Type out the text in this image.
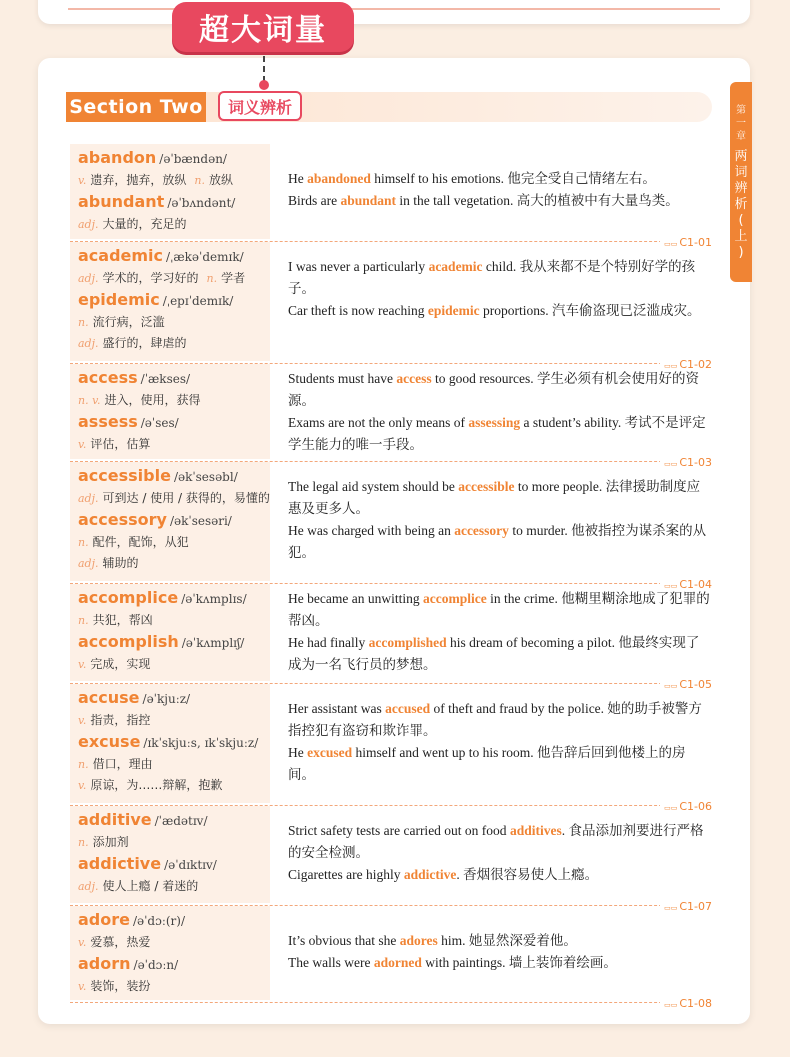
超大词量
Section Two	词义辨析	第
一
章
两
词
辨
析
(
上
)
abandon /əˈbændən/
v. 遗弃，抛弃，放纵 n. 放纵
abundant /əˈbʌndənt/
adj. 大量的，充足的

He abandoned himself to his emotions. 他完全受自己情绪左右。

Birds are abundant in the tall vegetation. 高大的植被中有大量鸟类。

▭▭ C1-01
academic /ˌækəˈdemɪk/
adj. 学术的，学习好的 n. 学者
epidemic /ˌepɪˈdemɪk/
n. 流行病，泛滥
adj. 盛行的，肆虐的

I was never a particularly academic child. 我从来都不是个特别好学的孩子。

Car theft is now reaching epidemic proportions. 汽车偷盗现已泛滥成灾。

▭▭ C1-02
access /ˈækses/
n. v. 进入，使用，获得
assess /əˈses/
v. 评估，估算

Students must have access to good resources. 学生必须有机会使用好的资源。

Exams are not the only means of assessing a student’s ability. 考试不是评定学生能力的唯一手段。

▭▭ C1-03
accessible /əkˈsesəbl/
adj. 可到达 / 使用 / 获得的，易懂的
accessory /əkˈsesəri/
n. 配件，配饰，从犯
adj. 辅助的

The legal aid system should be accessible to more people. 法律援助制度应惠及更多人。

He was charged with being an accessory to murder. 他被指控为谋杀案的从犯。

▭▭ C1-04
accomplice /əˈkʌmplɪs/
n. 共犯，帮凶
accomplish /əˈkʌmplɪʃ/
v. 完成，实现

He became an unwitting accomplice in the crime. 他糊里糊涂地成了犯罪的帮凶。

He had finally accomplished his dream of becoming a pilot. 他最终实现了成为一名飞行员的梦想。

▭▭ C1-05
accuse /əˈkjuːz/
v. 指责，指控
excuse /ɪkˈskjuːs, ɪkˈskjuːz/
n. 借口，理由
v. 原谅，为……辩解，抱歉

Her assistant was accused of theft and fraud by the police. 她的助手被警方指控犯有盗窃和欺诈罪。

He excused himself and went up to his room. 他告辞后回到他楼上的房间。

▭▭ C1-06
additive /ˈædətɪv/
n. 添加剂
addictive /əˈdɪktɪv/
adj. 使人上瘾 / 着迷的

Strict safety tests are carried out on food additives. 食品添加剂要进行严格的安全检测。

Cigarettes are highly addictive. 香烟很容易使人上瘾。

▭▭ C1-07
adore /əˈdɔː(r)/
v. 爱慕，热爱
adorn /əˈdɔːn/
v. 装饰，装扮

It’s obvious that she adores him. 她显然深爱着他。

The walls were adorned with paintings. 墙上装饰着绘画。

▭▭ C1-08
